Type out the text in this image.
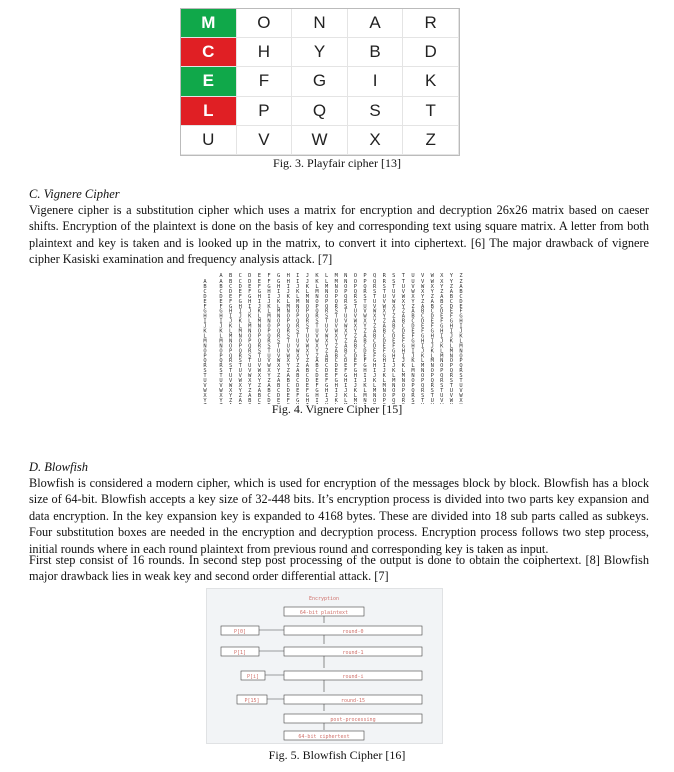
M	O	N	A	R
C	H	Y	B	D
E	F	G	I	K
L	P	Q	S	T
U	V	W	X	Z
Fig. 3. Playfair cipher [13]
C. Vignere Cipher
Vigenere cipher is a substitution cipher which uses a matrix for encryption and decryption 26x26 matrix based on caeser shifts. Encryption of the plaintext is done on the basis of key and corresponding text using square matrix. A letter from both plaintext and key is taken and is looked up in the matrix, to convert it into ciphertext. [6] The major drawback of vignere cipher Kasiski examination and frequency analysis attack. [7]
A B C D E F G H I J K L M N O P Q R S T U V W X Y Z
A A B C D E F G H I J K L M N O P Q R S T U V W X Y Z
B B C D E F G H I J K L M N O P Q R S T U V W X Y Z A
C C D E F G H I J K L M N O P Q R S T U V W X Y Z A B
D D E F G H I J K L M N O P Q R S T U V W X Y Z A B C
E E F G H I J K L M N O P Q R S T U V W X Y Z A B C D
F F G H I J K L M N O P Q R S T U V W X Y Z A B C D E
G G H I J K L M N O P Q R S T U V W X Y Z A B C D E F
H H I J K L M N O P Q R S T U V W X Y Z A B C D E F G
I I J K L M N O P Q R S T U V W X Y Z A B C D E F G H
J J K L M N O P Q R S T U V W X Y Z A B C D E F G H I
K K L M N O P Q R S T U V W X Y Z A B C D E F G H I J
L L M N O P Q R S T U V W X Y Z A B C D E F G H I J K
M M N O P Q R S T U V W X Y Z A B C D E F G H I J K L
N N O P Q R S T U V W X Y Z A B C D E F G H I J K L M
O O P Q R S T U V W X Y Z A B C D E F G H I J K L M N
P P Q R S T U V W X Y Z A B C D E F G H I J K L M N O
Q Q R S T U V W X Y Z A B C D E F G H I J K L M N O P
R R S T U V W X Y Z A B C D E F G H I J K L M N O P Q
S S T U V W X Y Z A B C D E F G H I J K L M N O P Q R
T T U V W X Y Z A B C D E F G H I J K L M N O P Q R S
U U V W X Y Z A B C D E F G H I J K L M N O P Q R S T
V V W X Y Z A B C D E F G H I J K L M N O P Q R S T U
W W X Y Z A B C D E F G H I J K L M N O P Q R S T U V
X X Y Z A B C D E F G H I J K L M N O P Q R S T U V W
Y Y Z A B C D E F G H I J K L M N O P Q R S T U V W X
Fig. 4. Vignere Cipher [15]
D. Blowfish
Blowfish is considered a modern cipher, which is used for encryption of the messages block by block. Blowfish has a block size of 64-bit. Blowfish accepts a key size of 32-448 bits. It’s encryption process is divided into two parts key expansion and data encryption. In the key expansion key is expanded to 4168 bytes. These are divided into 18 sub parts called as subkeys. Four substitution boxes are needed in the encryption and decryption process. Encryption process follows two step process, initial rounds where in each round plaintext from previous round and corresponding key is taken as input.
First step consist of 16 rounds. In second step post processing of the output is done to obtain the coiphertext. [8] Blowfish major drawback lies in weak key and second order differential attack. [7]
Encryption
64-bit plaintext
P[0]	round-0
P[1]	round-1
P[i]	round-i
P[15]	round-15
post-processing
64-bit ciphertext
Fig. 5. Blowfish Cipher [16]
